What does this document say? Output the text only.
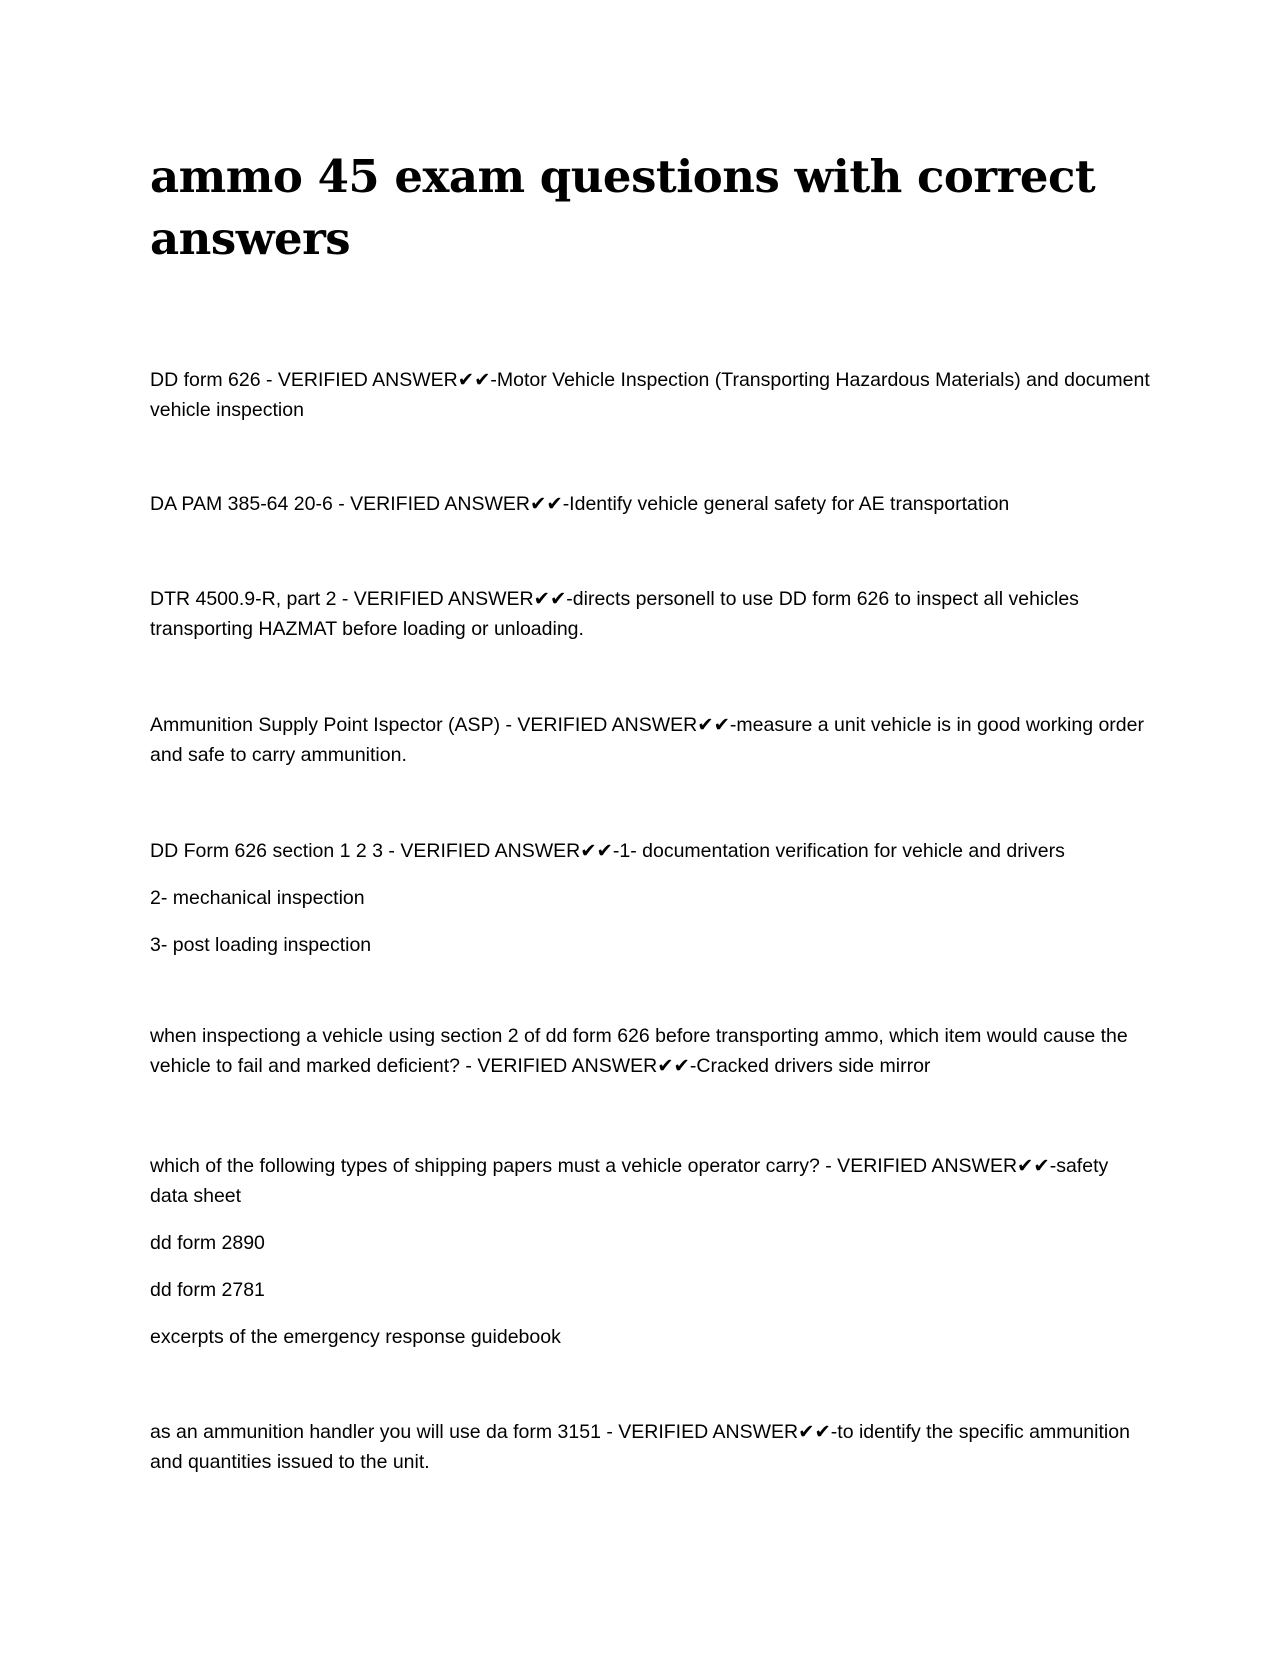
ammo 45 exam questions with correct answers

DD form 626 - VERIFIED ANSWER✔✔-Motor Vehicle Inspection (Transporting Hazardous Materials) and document vehicle inspection

DA PAM 385-64 20-6 - VERIFIED ANSWER✔✔-Identify vehicle general safety for AE transportation

DTR 4500.9-R, part 2 - VERIFIED ANSWER✔✔-directs personell to use DD form 626 to inspect all vehicles transporting HAZMAT before loading or unloading.

Ammunition Supply Point Ispector (ASP) - VERIFIED ANSWER✔✔-measure a unit vehicle is in good working order and safe to carry ammunition.

DD Form 626 section 1 2 3 - VERIFIED ANSWER✔✔-1- documentation verification for vehicle and drivers

2- mechanical inspection

3- post loading inspection

when inspectiong a vehicle using section 2 of dd form 626 before transporting ammo, which item would cause the vehicle to fail and marked deficient? - VERIFIED ANSWER✔✔-Cracked drivers side mirror

which of the following types of shipping papers must a vehicle operator carry? - VERIFIED ANSWER✔✔-safety data sheet

dd form 2890

dd form 2781

excerpts of the emergency response guidebook

as an ammunition handler you will use da form 3151 - VERIFIED ANSWER✔✔-to identify the specific ammunition and quantities issued to the unit.
